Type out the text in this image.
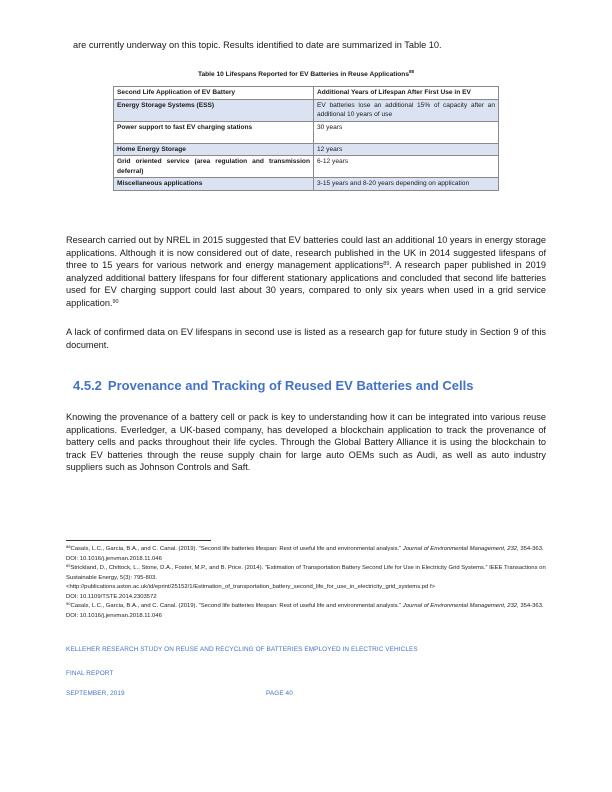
are currently underway on this topic. Results identified to date are summarized in Table 10.
Table 10 Lifespans Reported for EV Batteries in Reuse Applications$^{88}$
Second Life Application of EV Battery	Additional Years of Lifespan After First Use in EV
Energy Storage Systems (ESS)	EV batteries lose an additional 15% of capacity after an additional 10 years of use
Power support to fast EV charging stations	30 years
Home Energy Storage	12 years
Grid oriented service (area regulation and transmission deferral)	6-12 years
Miscellaneous applications	3-15 years and 8-20 years depending on application
Research carried out by NREL in 2015 suggested that EV batteries could last an additional 10 years in energy storage applications. Although it is now considered out of date, research published in the UK in 2014 suggested lifespans of three to 15 years for various network and energy management applications$^{89}$. A research paper published in 2019 analyzed additional battery lifespans for four different stationary applications and concluded that second life batteries used for EV charging support could last about 30 years, compared to only six years when used in a grid service application.$^{90}$
A lack of confirmed data on EV lifespans in second use is listed as a research gap for future study in Section 9 of this document.
4.5.2 Provenance and Tracking of Reused EV Batteries and Cells
Knowing the provenance of a battery cell or pack is key to understanding how it can be integrated into various reuse applications. Everledger, a UK-based company, has developed a blockchain application to track the provenance of battery cells and packs throughout their life cycles. Through the Global Battery Alliance it is using the blockchain to track EV batteries through the reuse supply chain for large auto OEMs such as Audi, as well as auto industry suppliers such as Johnson Controls and Saft.
$^{88}$Casals, L.C., Garcia, B.A., and C. Canal. (2019). “Second life batteries lifespan: Rest of useful life and environmental analysis.” Journal of Environmental Management, 232, 354-363. DOI: 10.1016/j.jenvman.2018.11.046
$^{89}$Strickland, D., Chittock, L., Stone, D.A., Foster, M.P., and B. Price. (2014). “Estimation of Transportation Battery Second Life for Use in Electricity Grid Systems.” IEEE Transactions on Sustainable Energy, 5(3): 795-803.
<http://publications.aston.ac.uk/id/eprint/25152/1/Estimation_of_transportation_battery_second_life_for_use_in_electricity_grid_systems.pd f>
DOI: 10.1109/TSTE.2014.2303572
$^{90}$Casals, L.C., Garcia, B.A., and C. Canal. (2019). “Second life batteries lifespan: Rest of useful life and environmental analysis.” Journal of Environmental Management, 232, 354-363. DOI: 10.1016/j.jenvman.2018.11.046
KELLEHER RESEARCH STUDY ON REUSE AND RECYCLING OF BATTERIES EMPLOYED IN ELECTRIC VEHICLES
FINAL REPORT
SEPTEMBER, 2019	PAGE 40
